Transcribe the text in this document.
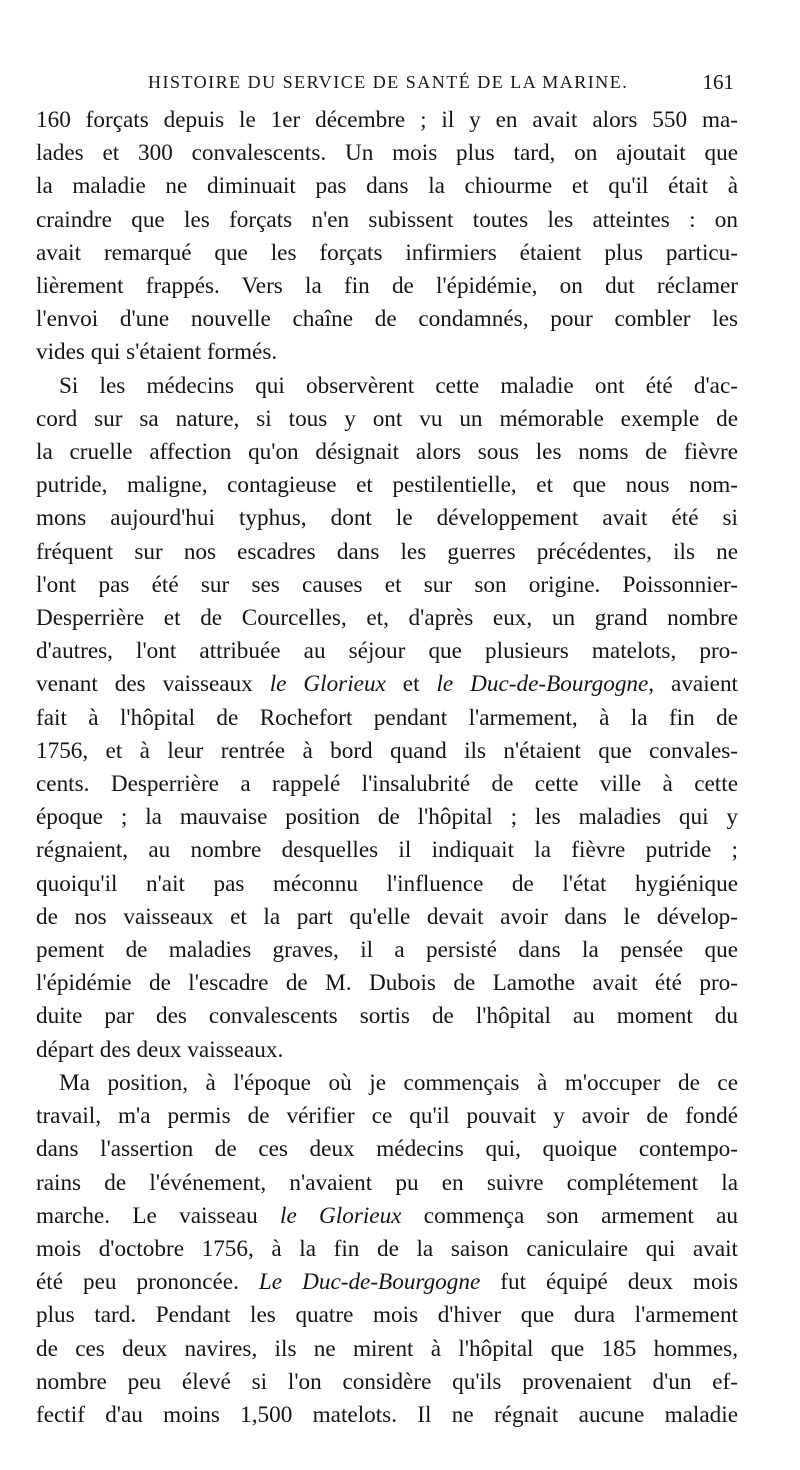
HISTOIRE DU SERVICE DE SANTÉ DE LA MARINE.	161
160 forçats depuis le 1er décembre ; il y en avait alors 550 ma-
lades et 300 convalescents. Un mois plus tard, on ajoutait que
la maladie ne diminuait pas dans la chiourme et qu'il était à
craindre que les forçats n'en subissent toutes les atteintes : on
avait remarqué que les forçats infirmiers étaient plus particu-
lièrement frappés. Vers la fin de l'épidémie, on dut réclamer
l'envoi d'une nouvelle chaîne de condamnés, pour combler les
vides qui s'étaient formés.
Si les médecins qui observèrent cette maladie ont été d'ac-
cord sur sa nature, si tous y ont vu un mémorable exemple de
la cruelle affection qu'on désignait alors sous les noms de fièvre
putride, maligne, contagieuse et pestilentielle, et que nous nom-
mons aujourd'hui typhus, dont le développement avait été si
fréquent sur nos escadres dans les guerres précédentes, ils ne
l'ont pas été sur ses causes et sur son origine. Poissonnier-
Desperrière et de Courcelles, et, d'après eux, un grand nombre
d'autres, l'ont attribuée au séjour que plusieurs matelots, pro-
venant des vaisseaux le Glorieux et le Duc-de-Bourgogne, avaient
fait à l'hôpital de Rochefort pendant l'armement, à la fin de
1756, et à leur rentrée à bord quand ils n'étaient que convales-
cents. Desperrière a rappelé l'insalubrité de cette ville à cette
époque ; la mauvaise position de l'hôpital ; les maladies qui y
régnaient, au nombre desquelles il indiquait la fièvre putride ;
quoiqu'il n'ait pas méconnu l'influence de l'état hygiénique
de nos vaisseaux et la part qu'elle devait avoir dans le dévelop-
pement de maladies graves, il a persisté dans la pensée que
l'épidémie de l'escadre de M. Dubois de Lamothe avait été pro-
duite par des convalescents sortis de l'hôpital au moment du
départ des deux vaisseaux.
Ma position, à l'époque où je commençais à m'occuper de ce
travail, m'a permis de vérifier ce qu'il pouvait y avoir de fondé
dans l'assertion de ces deux médecins qui, quoique contempo-
rains de l'événement, n'avaient pu en suivre complétement la
marche. Le vaisseau le Glorieux commença son armement au
mois d'octobre 1756, à la fin de la saison caniculaire qui avait
été peu prononcée. Le Duc-de-Bourgogne fut équipé deux mois
plus tard. Pendant les quatre mois d'hiver que dura l'armement
de ces deux navires, ils ne mirent à l'hôpital que 185 hommes,
nombre peu élevé si l'on considère qu'ils provenaient d'un ef-
fectif d'au moins 1,500 matelots. Il ne régnait aucune maladie
